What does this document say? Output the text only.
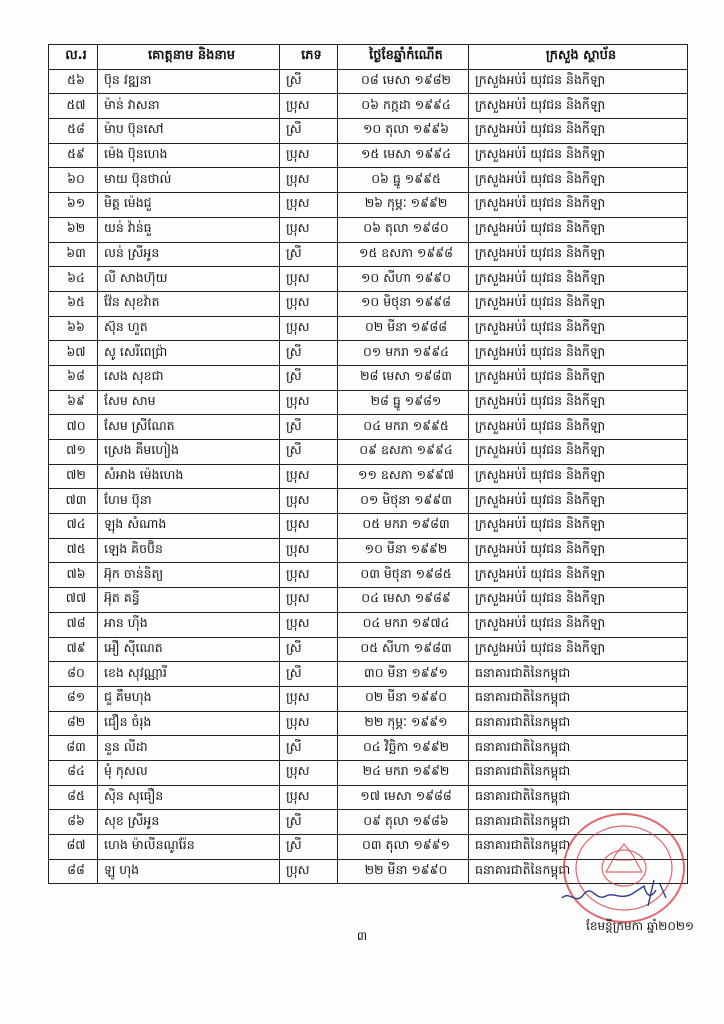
ល.រ	គោត្តនាម និងនាម	ភេទ	ថ្ងៃខែឆ្នាំកំណើត	ក្រសួង ស្ថាប័ន
៥៦	ប៊ុន វឌ្ឍនា	ស្រី	០៨ មេសា ១៩៨២	ក្រសួងអប់រំ យុវជន និងកីឡា
៥៧	ម៉ាន់ វាសនា	ប្រុស	០៦ កក្កដា ១៩៩៤	ក្រសួងអប់រំ យុវជន និងកីឡា
៥៨	ម៉ាប ប៊ុនសៅ	ស្រី	១០ តុលា ១៩៩៦	ក្រសួងអប់រំ យុវជន និងកីឡា
៥៩	ម៉េង ប៊ុនហេង	ប្រុស	១៥ មេសា ១៩៩៤	ក្រសួងអប់រំ យុវជន និងកីឡា
៦០	មាយ ប៊ុនថាល់	ប្រុស	០៦ ធ្នូ ១៩៩៥	ក្រសួងអប់រំ យុវជន និងកីឡា
៦១	មិត្ត ម៉េងជួ	ប្រុស	២៦ កុម្ភៈ ១៩៩២	ក្រសួងអប់រំ យុវជន និងកីឡា
៦២	យន់ វ៉ាន់ធួ	ប្រុស	០៦ តុលា ១៩៨០	ក្រសួងអប់រំ យុវជន និងកីឡា
៦៣	លន់ ស្រីអូន	ស្រី	១៥ ឧសភា ១៩៩៨	ក្រសួងអប់រំ យុវជន និងកីឡា
៦៤	លី សាងហ៊ុយ	ប្រុស	១០ សីហា ១៩៩០	ក្រសួងអប់រំ យុវជន និងកីឡា
៦៥	វ៉ែន សុខវ៉ាត	ប្រុស	១០ មិថុនា ១៩៩៨	ក្រសួងអប់រំ យុវជន និងកីឡា
៦៦	ស៊ុន ហួត	ប្រុស	០២ មីនា ១៩៨៨	ក្រសួងអប់រំ យុវជន និងកីឡា
៦៧	សូ សេរីពេជ្រ៉ា	ស្រី	០១ មករា ១៩៩៤	ក្រសួងអប់រំ យុវជន និងកីឡា
៦៨	សេង សុខជា	ស្រី	២៨ មេសា ១៩៨៣	ក្រសួងអប់រំ យុវជន និងកីឡា
៦៩	សែម សាម	ប្រុស	២៨ ធ្នូ ១៩៨១	ក្រសួងអប់រំ យុវជន និងកីឡា
៧០	សែម ស្រីណែត	ស្រី	០៤ មករា ១៩៩៥	ក្រសួងអប់រំ យុវជន និងកីឡា
៧១	ស្រេង គីមហៀង	ស្រី	០៩ ឧសភា ១៩៩៤	ក្រសួងអប់រំ យុវជន និងកីឡា
៧២	សំអាង ម៉េងហេង	ប្រុស	១១ ឧសភា ១៩៩៧	ក្រសួងអប់រំ យុវជន និងកីឡា
៧៣	ហែម ប៊ុនា	ប្រុស	០១ មិថុនា ១៩៩៣	ក្រសួងអប់រំ យុវជន និងកីឡា
៧៤	ឡុង សំណាង	ប្រុស	០៥ មករា ១៩៨៣	ក្រសួងអប់រំ យុវជន និងកីឡា
៧៥	ឡេង គិចប៊ិន	ប្រុស	១០ មីនា ១៩៩២	ក្រសួងអប់រំ យុវជន និងកីឡា
៧៦	អ៊ុក ចាន់និត្យ	ប្រុស	០៣ មិថុនា ១៩៨៥	ក្រសួងអប់រំ យុវជន និងកីឡា
៧៧	អ៊ុត គន្ធី	ប្រុស	០៤ មេសា ១៩៨៩	ក្រសួងអប់រំ យុវជន និងកីឡា
៧៨	អាន ហ៊ីង	ប្រុស	០៤ មករា ១៩៧៤	ក្រសួងអប់រំ យុវជន និងកីឡា
៧៩	អឿ ស៊ីណេត	ស្រី	០៥ សីហា ១៩៨៣	ក្រសួងអប់រំ យុវជន និងកីឡា
៨០	ខេង សុវណ្ណារី	ស្រី	៣០ មីនា ១៩៩១	ធនាគារជាតិនៃកម្ពុជា
៨១	ជួ គឹមហុង	ប្រុស	០២ មីនា ១៩៩០	ធនាគារជាតិនៃកម្ពុជា
៨២	ជឿន ចំរុង	ប្រុស	២២ កុម្ភៈ ១៩៩១	ធនាគារជាតិនៃកម្ពុជា
៨៣	នួន លីដា	ស្រី	០៤ វិច្ឆិកា ១៩៩២	ធនាគារជាតិនៃកម្ពុជា
៨៤	មុំ កុសល	ប្រុស	២៤ មករា ១៩៩២	ធនាគារជាតិនៃកម្ពុជា
៨៥	ស៊ិន សុធឿន	ប្រុស	១៧ មេសា ១៩៨៨	ធនាគារជាតិនៃកម្ពុជា
៨៦	សុខ ស្រីអូន	ស្រី	០៩ តុលា ១៩៨៦	ធនាគារជាតិនៃកម្ពុជា
៨៧	ហេង ម៉ាលីនណូរ៉ែន	ស្រី	០៣ តុលា ១៩៩១	ធនាគារជាតិនៃកម្ពុជា
៨៨	ឡូ ហុង	ប្រុស	២២ មីនា ១៩៩០	ធនាគារជាតិនៃកម្ពុជា
៣
ខែមន្តីក្រមកា ឆ្នាំ២០២១
